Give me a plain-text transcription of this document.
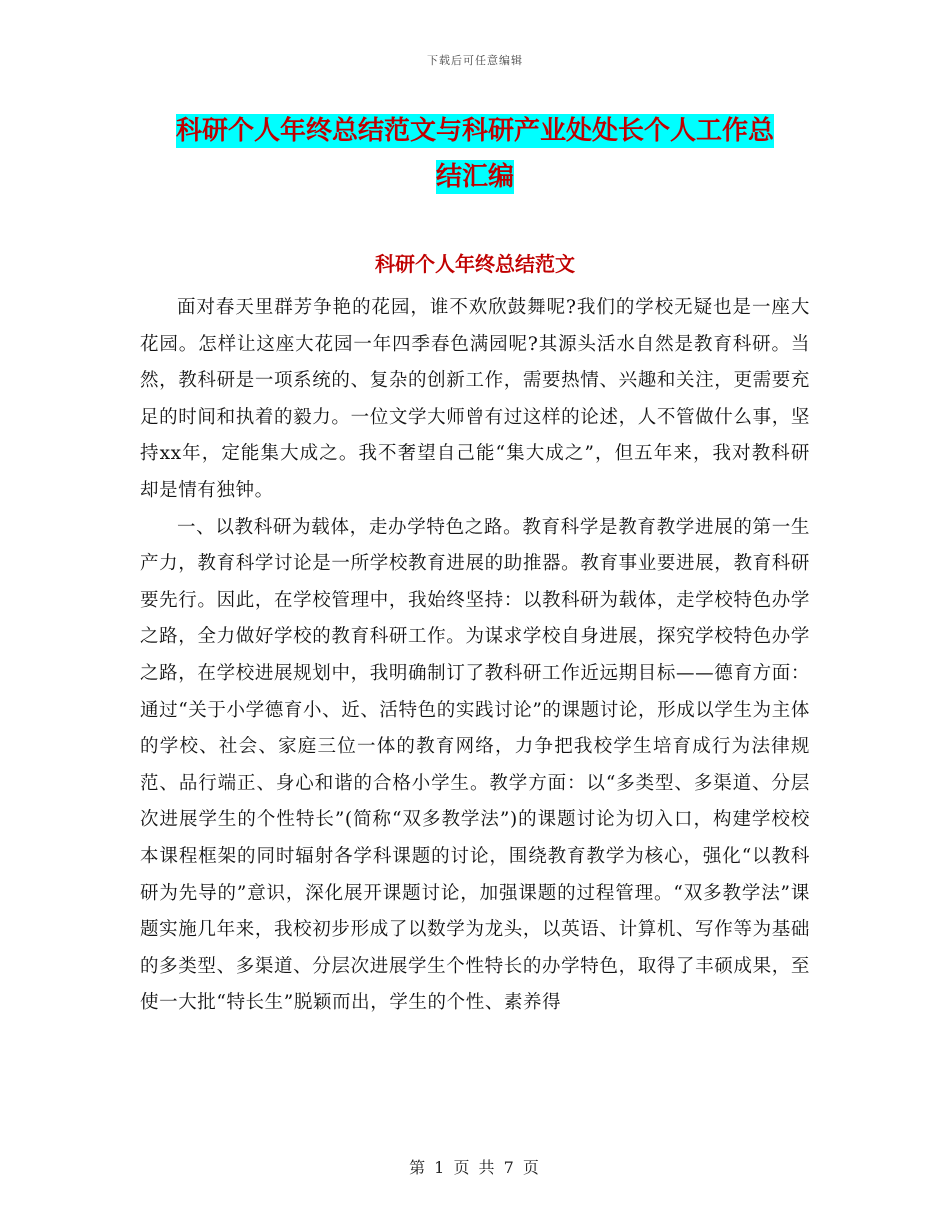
下载后可任意编辑
科研个人年终总结范文与科研产业处处长个人工作总
结汇编
科研个人年终总结范文

面对春天里群芳争艳的花园，谁不欢欣鼓舞呢?我们的学校无疑也是一座大花园。怎样让这座大花园一年四季春色满园呢?其源头活水自然是教育科研。当然，教科研是一项系统的、复杂的创新工作，需要热情、兴趣和关注，更需要充足的时间和执着的毅力。一位文学大师曾有过这样的论述，人不管做什么事，坚持xx年，定能集大成之。我不奢望自己能“集大成之”，但五年来，我对教科研却是情有独钟。

一、以教科研为载体，走办学特色之路。教育科学是教育教学进展的第一生产力，教育科学讨论是一所学校教育进展的助推器。教育事业要进展，教育科研要先行。因此，在学校管理中，我始终坚持：以教科研为载体，走学校特色办学之路，全力做好学校的教育科研工作。为谋求学校自身进展，探究学校特色办学之路，在学校进展规划中，我明确制订了教科研工作近远期目标——德育方面：通过“关于小学德育小、近、活特色的实践讨论”的课题讨论，形成以学生为主体的学校、社会、家庭三位一体的教育网络，力争把我校学生培育成行为法律规范、品行端正、身心和谐的合格小学生。教学方面：以“多类型、多渠道、分层次进展学生的个性特长”(简称“双多教学法”)的课题讨论为切入口，构建学校校本课程框架的同时辐射各学科课题的讨论，围绕教育教学为核心，强化“以教科研为先导的”意识，深化展开课题讨论，加强课题的过程管理。“双多教学法”课题实施几年来，我校初步形成了以数学为龙头，以英语、计算机、写作等为基础的多类型、多渠道、分层次进展学生个性特长的办学特色，取得了丰硕成果，至使一大批“特长生”脱颖而出，学生的个性、素养得

第 1 页 共 7 页
